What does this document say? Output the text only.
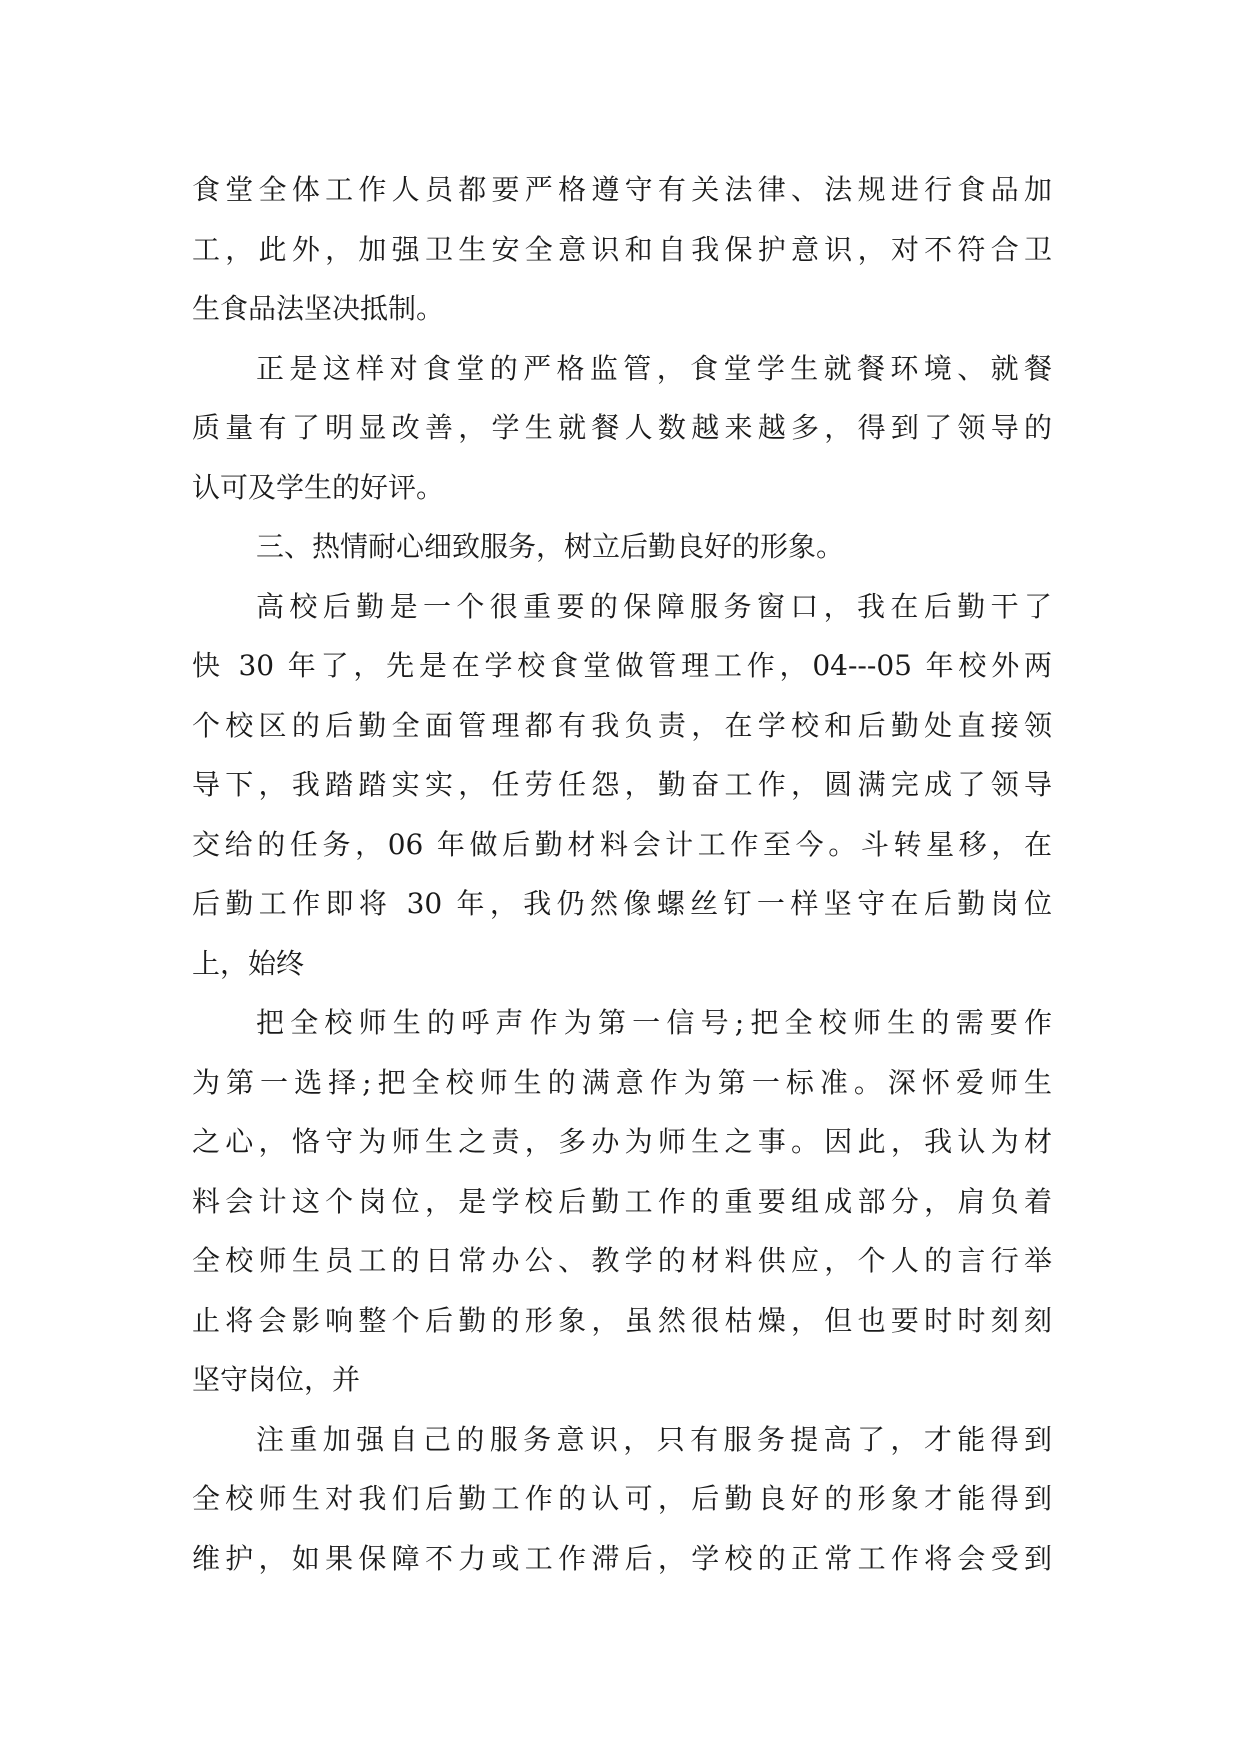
食堂全体工作人员都要严格遵守有关法律、法规进行食品加
工，此外，加强卫生安全意识和自我保护意识，对不符合卫
生食品法坚决抵制。
正是这样对食堂的严格监管，食堂学生就餐环境、就餐
质量有了明显改善，学生就餐人数越来越多，得到了领导的
认可及学生的好评。
三、热情耐心细致服务，树立后勤良好的形象。
高校后勤是一个很重要的保障服务窗口，我在后勤干了
快 30 年了，先是在学校食堂做管理工作，04---05 年校外两
个校区的后勤全面管理都有我负责，在学校和后勤处直接领
导下，我踏踏实实，任劳任怨，勤奋工作，圆满完成了领导
交给的任务，06 年做后勤材料会计工作至今。斗转星移，在
后勤工作即将 30 年，我仍然像螺丝钉一样坚守在后勤岗位
上，始终
把全校师生的呼声作为第一信号;把全校师生的需要作
为第一选择;把全校师生的满意作为第一标准。深怀爱师生
之心，恪守为师生之责，多办为师生之事。因此，我认为材
料会计这个岗位，是学校后勤工作的重要组成部分，肩负着
全校师生员工的日常办公、教学的材料供应，个人的言行举
止将会影响整个后勤的形象，虽然很枯燥，但也要时时刻刻
坚守岗位，并
注重加强自己的服务意识，只有服务提高了，才能得到
全校师生对我们后勤工作的认可，后勤良好的形象才能得到
维护，如果保障不力或工作滞后，学校的正常工作将会受到
